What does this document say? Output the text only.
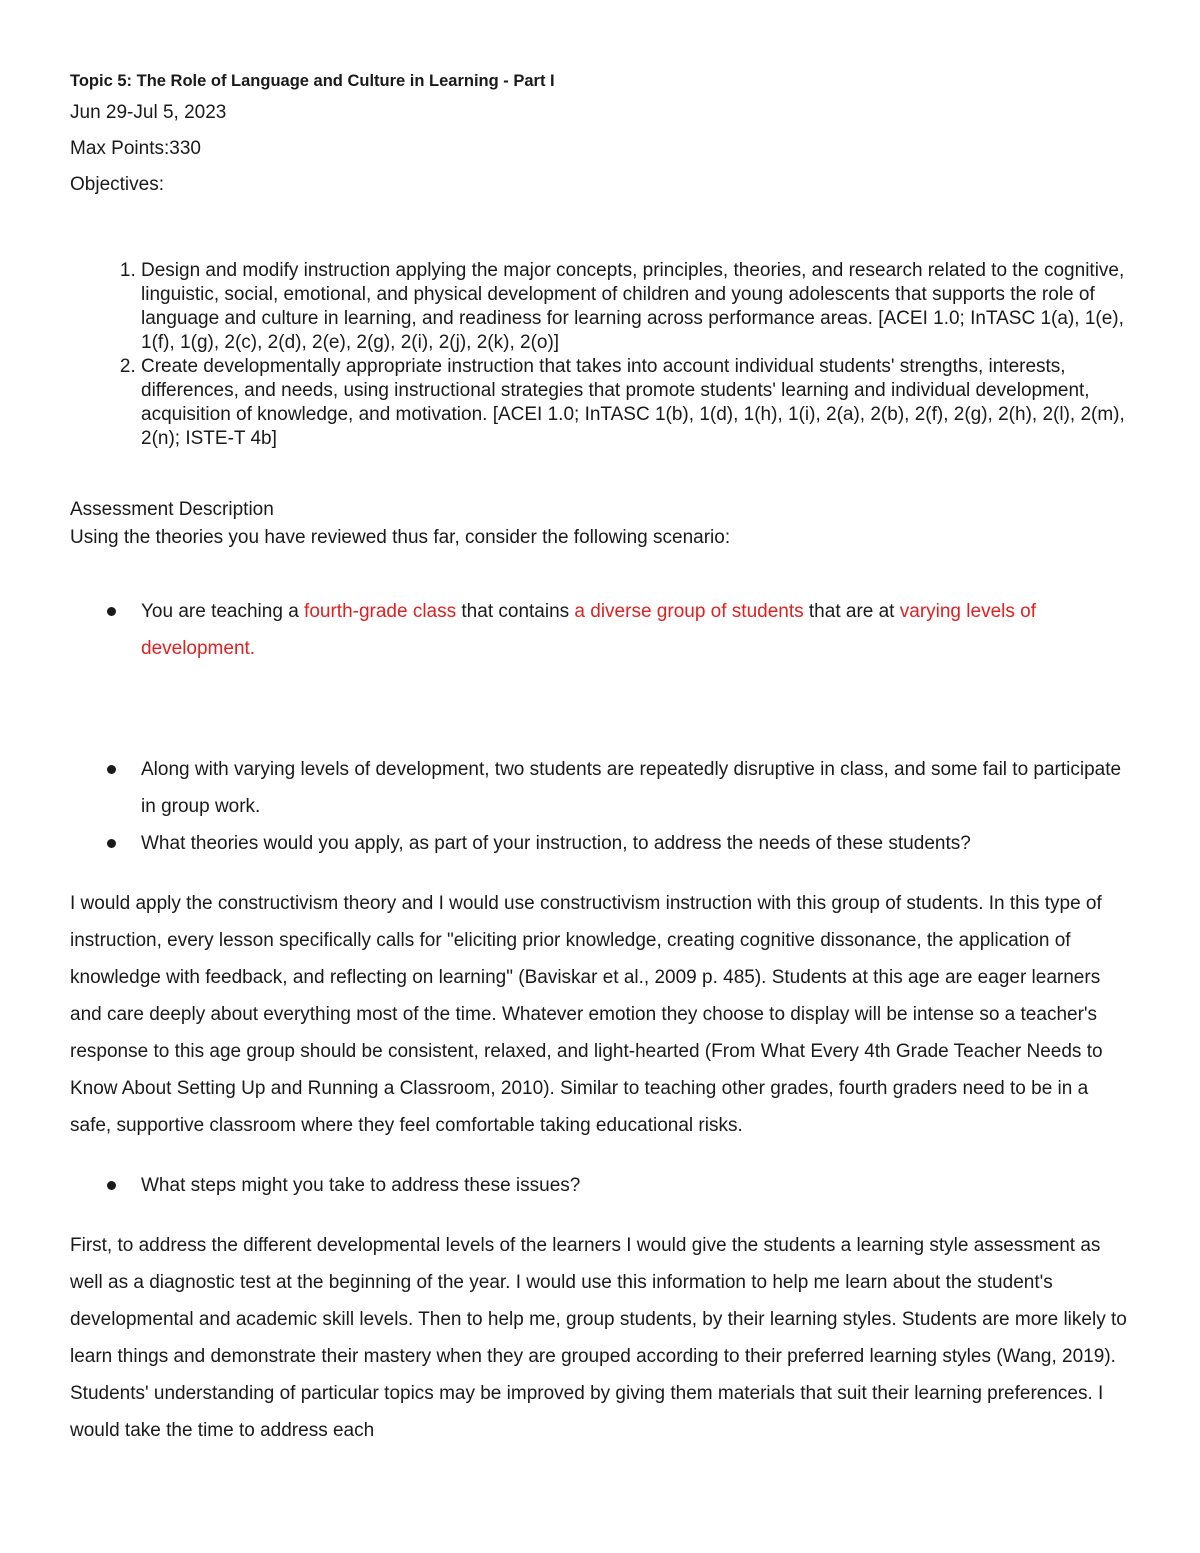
Topic 5: The Role of Language and Culture in Learning - Part I
Jun 29-Jul 5, 2023
Max Points:330
Objectives:
1. Design and modify instruction applying the major concepts, principles, theories, and research related to the cognitive, linguistic, social, emotional, and physical development of children and young adolescents that supports the role of language and culture in learning, and readiness for learning across performance areas. [ACEI 1.0; InTASC 1(a), 1(e), 1(f), 1(g), 2(c), 2(d), 2(e), 2(g), 2(i), 2(j), 2(k), 2(o)]
2. Create developmentally appropriate instruction that takes into account individual students' strengths, interests, differences, and needs, using instructional strategies that promote students' learning and individual development, acquisition of knowledge, and motivation. [ACEI 1.0; InTASC 1(b), 1(d), 1(h), 1(i), 2(a), 2(b), 2(f), 2(g), 2(h), 2(l), 2(m), 2(n); ISTE-T 4b]
Assessment Description
Using the theories you have reviewed thus far, consider the following scenario:
You are teaching a fourth-grade class that contains a diverse group of students that are at varying levels of development.
Along with varying levels of development, two students are repeatedly disruptive in class, and some fail to participate in group work.
What theories would you apply, as part of your instruction, to address the needs of these students?

I would apply the constructivism theory and I would use constructivism instruction with this group of students. In this type of instruction, every lesson specifically calls for "eliciting prior knowledge, creating cognitive dissonance, the application of knowledge with feedback, and reflecting on learning" (Baviskar et al., 2009 p. 485). Students at this age are eager learners and care deeply about everything most of the time. Whatever emotion they choose to display will be intense so a teacher's response to this age group should be consistent, relaxed, and light-hearted (From What Every 4th Grade Teacher Needs to Know About Setting Up and Running a Classroom, 2010). Similar to teaching other grades, fourth graders need to be in a safe, supportive classroom where they feel comfortable taking educational risks.

What steps might you take to address these issues?

First, to address the different developmental levels of the learners I would give the students a learning style assessment as well as a diagnostic test at the beginning of the year. I would use this information to help me learn about the student's developmental and academic skill levels. Then to help me, group students, by their learning styles. Students are more likely to learn things and demonstrate their mastery when they are grouped according to their preferred learning styles (Wang, 2019). Students' understanding of particular topics may be improved by giving them materials that suit their learning preferences. I would take the time to address each
